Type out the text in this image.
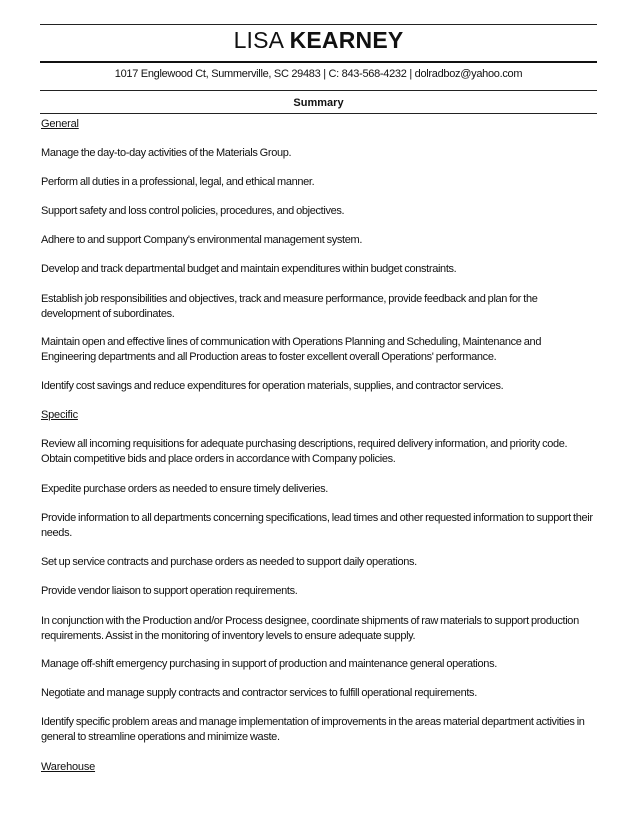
LISA KEARNEY
1017 Englewood Ct, Summerville, SC 29483 | C: 843-568-4232 | dolradboz@yahoo.com
Summary
General
Manage the day-to-day activities of the Materials Group.
Perform all duties in a professional, legal, and ethical manner.
Support safety and loss control policies, procedures, and objectives.
Adhere to and support Company's environmental management system.
Develop and track departmental budget and maintain expenditures within budget constraints.
Establish job responsibilities and objectives, track and measure performance, provide feedback and plan for the development of subordinates.
Maintain open and effective lines of communication with Operations Planning and Scheduling, Maintenance and Engineering departments and all Production areas to foster excellent overall Operations' performance.
Identify cost savings and reduce expenditures for operation materials, supplies, and contractor services.
Specific
Review all incoming requisitions for adequate purchasing descriptions, required delivery information, and priority code. Obtain competitive bids and place orders in accordance with Company policies.
Expedite purchase orders as needed to ensure timely deliveries.
Provide information to all departments concerning specifications, lead times and other requested information to support their needs.
Set up service contracts and purchase orders as needed to support daily operations.
Provide vendor liaison to support operation requirements.
In conjunction with the Production and/or Process designee, coordinate shipments of raw materials to support production requirements. Assist in the monitoring of inventory levels to ensure adequate supply.
Manage off-shift emergency purchasing in support of production and maintenance general operations.
Negotiate and manage supply contracts and contractor services to fulfill operational requirements.
Identify specific problem areas and manage implementation of improvements in the areas material department activities in general to streamline operations and minimize waste.
Warehouse
